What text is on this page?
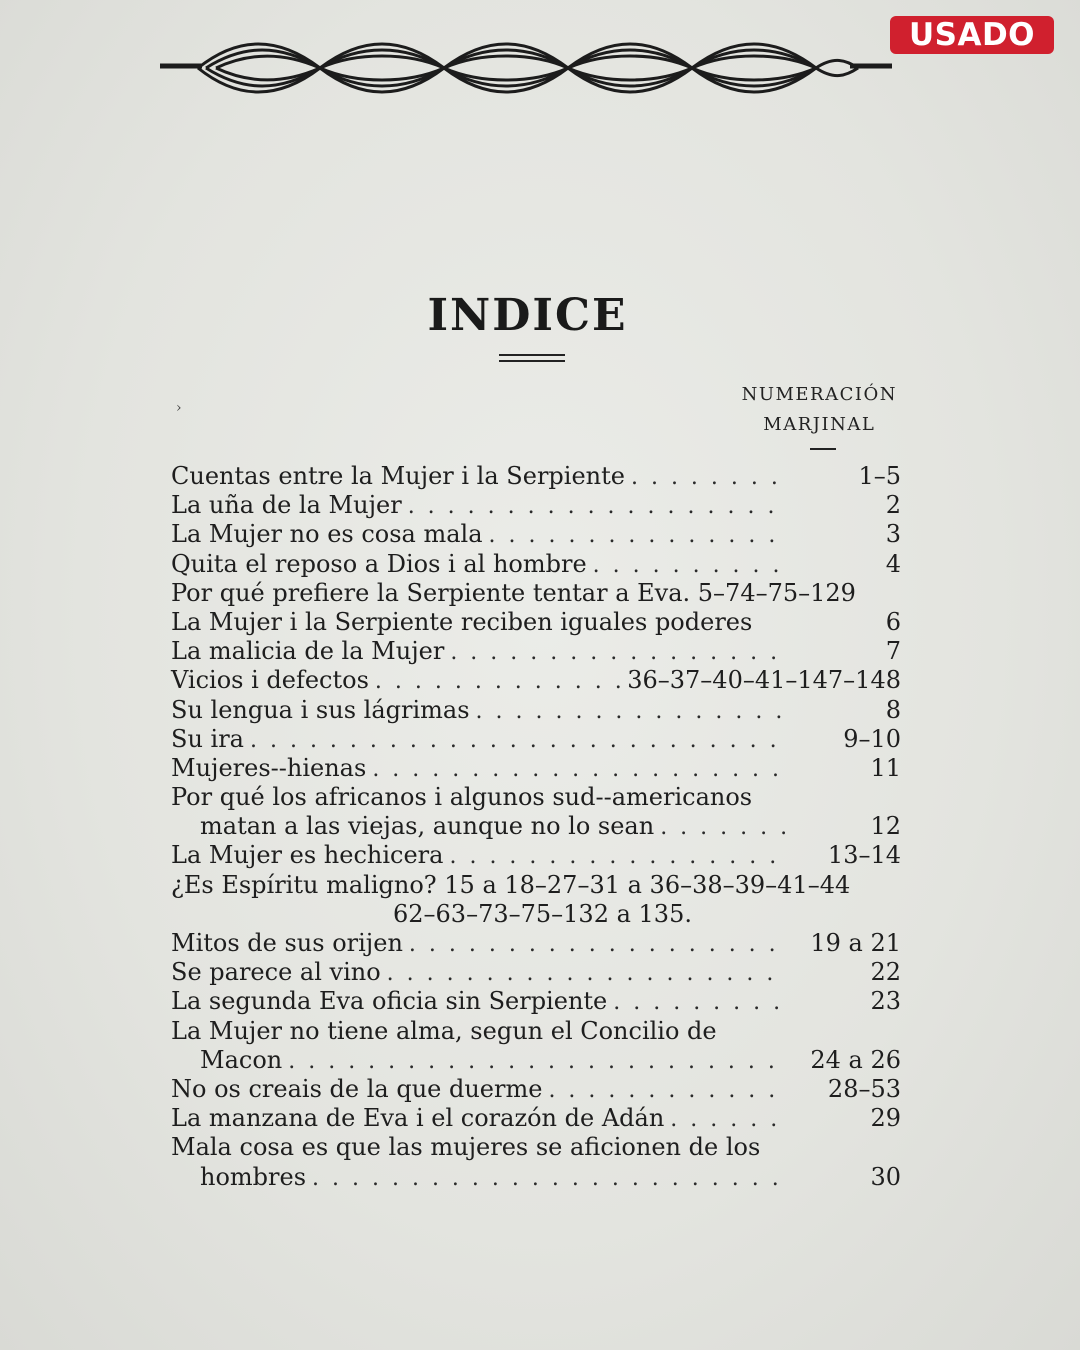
USADO
INDICE
›
NUMERACIÓN
MARJINAL
Cuentas entre la Mujer i la Serpiente . . .	1–5
La uña de la Mujer . . .	2
La Mujer no es cosa mala . . .	3
Quita el reposo a Dios i al hombre . . .	4
Por qué prefiere la Serpiente tentar a Eva. 5–74–75–129
La Mujer i la Serpiente reciben iguales poderes	6
La malicia de la Mujer . . .	7
Vicios i defectos . . .	36–37–40–41–147–148
Su lengua i sus lágrimas . . .	8
Su ira . . .	9–10
Mujeres--hienas . . .	11
Por qué los africanos i algunos sud--americanos
matan a las viejas, aunque no lo sean . . .	12
La Mujer es hechicera . . .	13–14
¿Es Espíritu maligno? 15 a 18–27–31 a 36–38–39–41–44
62–63–73–75–132 a 135.
Mitos de sus orijen . . .	19 a 21
Se parece al vino . . .	22
La segunda Eva oficia sin Serpiente . . .	23
La Mujer no tiene alma, segun el Concilio de
Macon . . .	24 a 26
No os creais de la que duerme . . .	28–53
La manzana de Eva i el corazón de Adán . . .	29
Mala cosa es que las mujeres se aficionen de los
hombres . . .	30
